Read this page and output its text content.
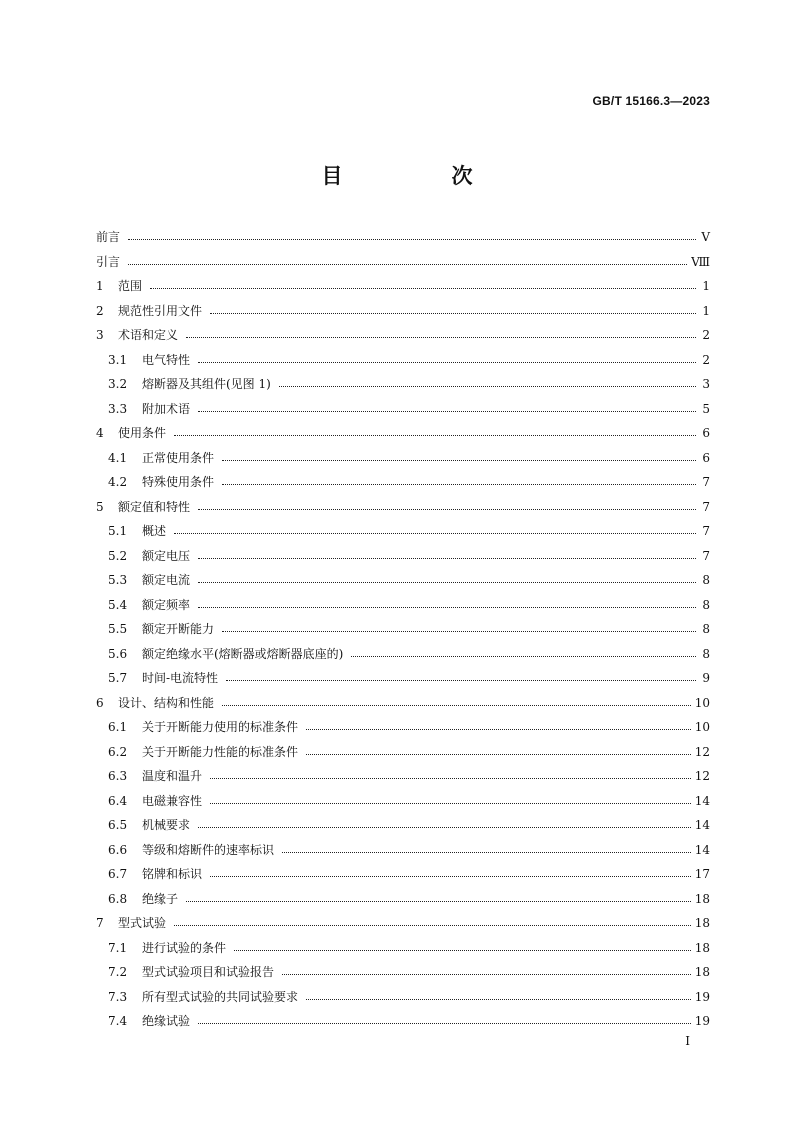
GB/T 15166.3—2023
目　次
前言	Ⅴ
引言	Ⅷ
1	范围	1
2	规范性引用文件	1
3	术语和定义	2
3.1	电气特性	2
3.2	熔断器及其组件(见图 1)	3
3.3	附加术语	5
4	使用条件	6
4.1	正常使用条件	6
4.2	特殊使用条件	7
5	额定值和特性	7
5.1	概述	7
5.2	额定电压	7
5.3	额定电流	8
5.4	额定频率	8
5.5	额定开断能力	8
5.6	额定绝缘水平(熔断器或熔断器底座的)	8
5.7	时间-电流特性	9
6	设计、结构和性能	10
6.1	关于开断能力使用的标准条件	10
6.2	关于开断能力性能的标准条件	12
6.3	温度和温升	12
6.4	电磁兼容性	14
6.5	机械要求	14
6.6	等级和熔断件的速率标识	14
6.7	铭牌和标识	17
6.8	绝缘子	18
7	型式试验	18
7.1	进行试验的条件	18
7.2	型式试验项目和试验报告	18
7.3	所有型式试验的共同试验要求	19
7.4	绝缘试验	19
I
